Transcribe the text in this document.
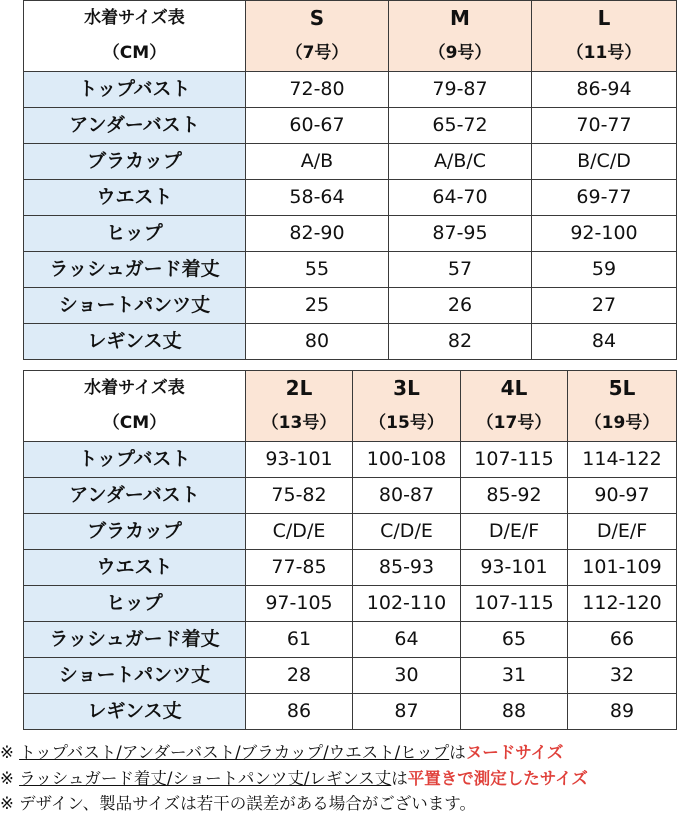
水着サイズ表	S	M	L
（CM）	（7号）	（9号）	（11号）
トップバスト	72-80	79-87	86-94
アンダーバスト	60-67	65-72	70-77
ブラカップ	A/B	A/B/C	B/C/D
ウエスト	58-64	64-70	69-77
ヒップ	82-90	87-95	92-100
ラッシュガード着丈	55	57	59
ショートパンツ丈	25	26	27
レギンス丈	80	82	84
水着サイズ表	2L	3L	4L	5L
（CM）	（13号）	（15号）	（17号）	（19号）
トップバスト	93-101	100-108	107-115	114-122
アンダーバスト	75-82	80-87	85-92	90-97
ブラカップ	C/D/E	C/D/E	D/E/F	D/E/F
ウエスト	77-85	85-93	93-101	101-109
ヒップ	97-105	102-110	107-115	112-120
ラッシュガード着丈	61	64	65	66
ショートパンツ丈	28	30	31	32
レギンス丈	86	87	88	89
※ トップバスト/アンダーバスト/ブラカップ/ウエスト/ヒップはヌードサイズ
※ ラッシュガード着丈/ショートパンツ丈/レギンス丈は平置きで測定したサイズ
※ デザイン、製品サイズは若干の誤差がある場合がございます。
